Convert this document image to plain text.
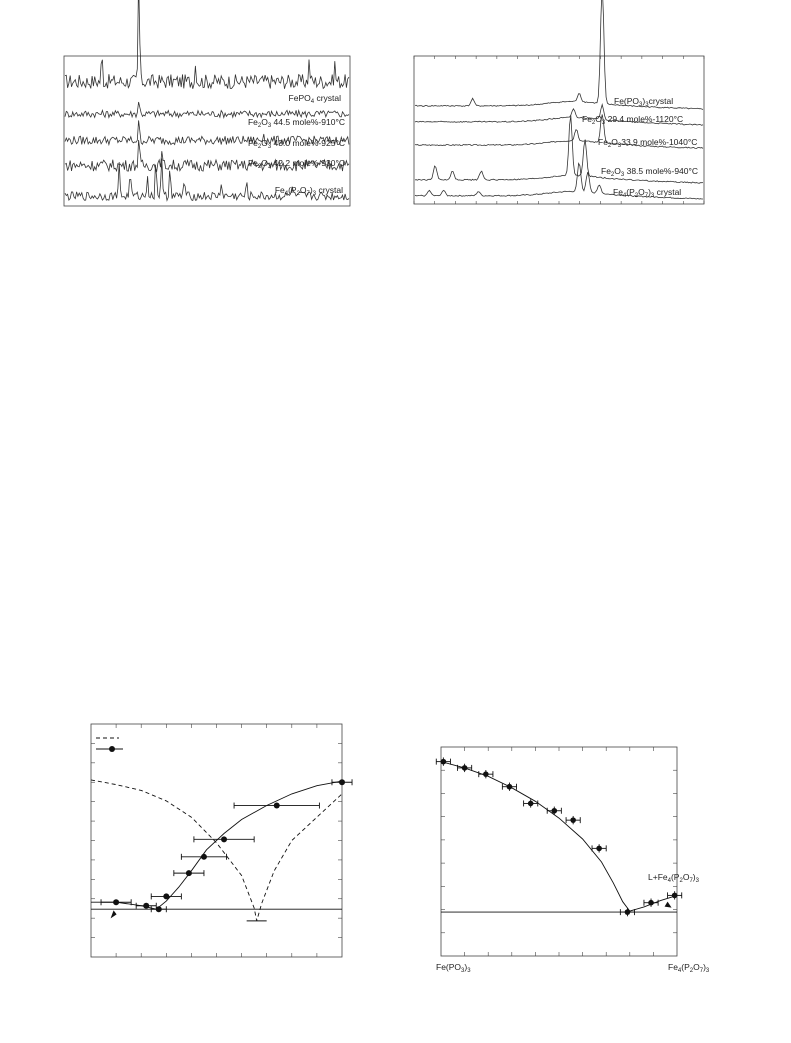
FePO$_4$ crystal
$Fe_2O_3$ 44.5 mole%-910°C
$Fe_2O_3$ 43.0 mole%-925°C
$Fe_2O_3$ 42.2 mole%-930°C
$Fe_4(P_2O_7)_3$ crystal
$Fe(PO_3)_3crystal$
$Fe_2O_3$ 29.4 mole%-1120°C
$Fe_2O_333.9$ mole%-1040°C
$Fe_2O_3$ 38.5 mole%-940°C
$Fe_4(P_2O_7)_3$ crystal
$L+Fe_4(P_2O_7)_3$
$Fe(PO_3)_3$	$Fe_4(P_2O_7)_3$
